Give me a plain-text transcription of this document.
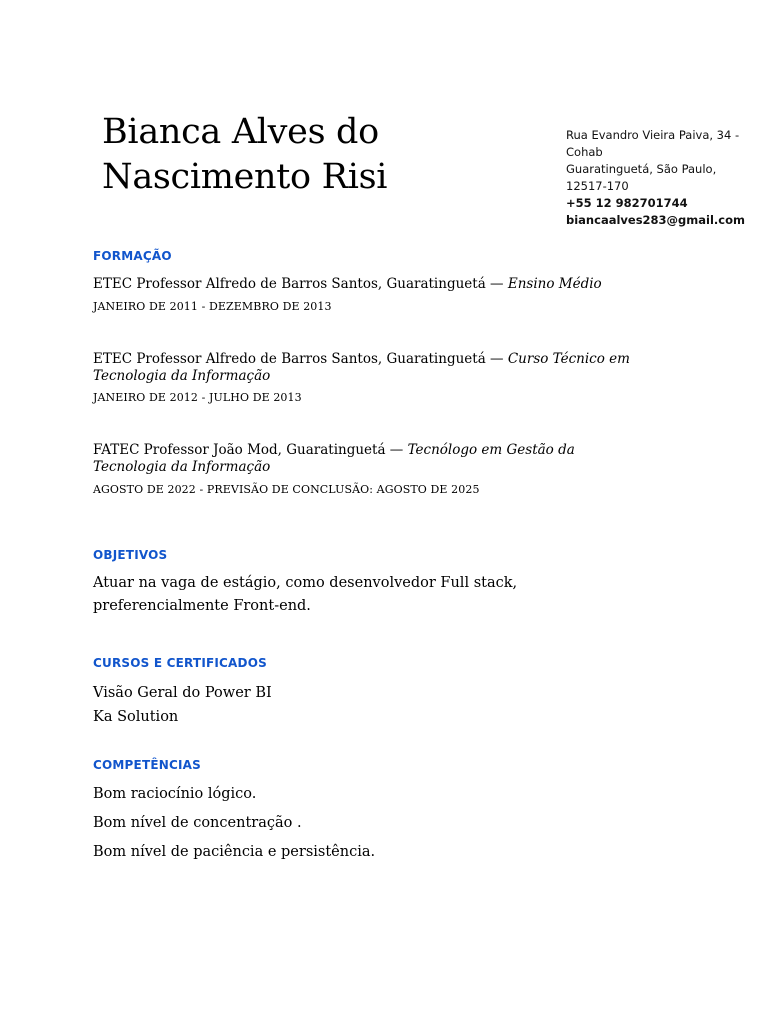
Bianca Alves do Nascimento Risi
Rua Evandro Vieira Paiva, 34 -
Cohab
Guaratinguetá, São Paulo,
12517-170
+55 12 982701744
biancaalves283@gmail.com
FORMAÇÃO
ETEC Professor Alfredo de Barros Santos, Guaratinguetá — Ensino Médio
JANEIRO DE 2011 - DEZEMBRO DE 2013
ETEC Professor Alfredo de Barros Santos, Guaratinguetá — Curso Técnico em
Tecnologia da Informação
JANEIRO DE 2012 - JULHO DE 2013
FATEC Professor João Mod, Guaratinguetá — Tecnólogo em Gestão da
Tecnologia da Informação
AGOSTO DE 2022 - PREVISÃO DE CONCLUSÃO: AGOSTO DE 2025
OBJETIVOS
Atuar na vaga de estágio, como desenvolvedor Full stack, preferencialmente Front-end.
CURSOS E CERTIFICADOS
Visão Geral do Power BI
Ka Solution
COMPETÊNCIAS
Bom raciocínio lógico.
Bom nível de concentração .
Bom nível de paciência e persistência.
